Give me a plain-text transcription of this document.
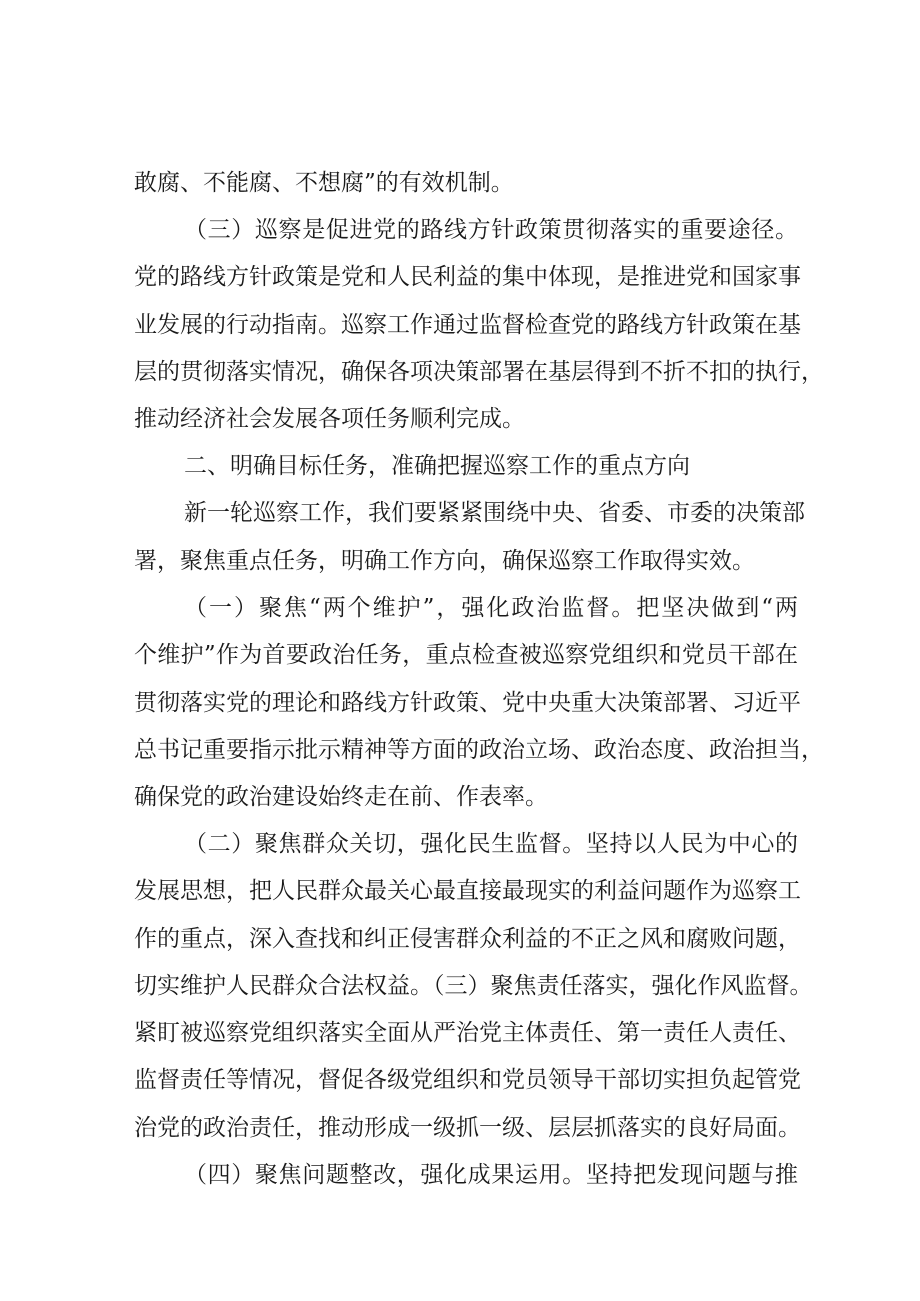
敢腐、不能腐、不想腐”的有效机制。
（三）巡察是促进党的路线方针政策贯彻落实的重要途径。
党的路线方针政策是党和人民利益的集中体现，是推进党和国家事
业发展的行动指南。巡察工作通过监督检查党的路线方针政策在基
层的贯彻落实情况，确保各项决策部署在基层得到不折不扣的执行，
推动经济社会发展各项任务顺利完成。
二、明确目标任务，准确把握巡察工作的重点方向
新一轮巡察工作，我们要紧紧围绕中央、省委、市委的决策部
署，聚焦重点任务，明确工作方向，确保巡察工作取得实效。
（一）聚焦“两个维护”，强化政治监督。把坚决做到“两
个维护”作为首要政治任务，重点检查被巡察党组织和党员干部在
贯彻落实党的理论和路线方针政策、党中央重大决策部署、习近平
总书记重要指示批示精神等方面的政治立场、政治态度、政治担当，
确保党的政治建设始终走在前、作表率。
（二）聚焦群众关切，强化民生监督。坚持以人民为中心的
发展思想，把人民群众最关心最直接最现实的利益问题作为巡察工
作的重点，深入查找和纠正侵害群众利益的不正之风和腐败问题，
切实维护人民群众合法权益。（三）聚焦责任落实，强化作风监督。
紧盯被巡察党组织落实全面从严治党主体责任、第一责任人责任、
监督责任等情况，督促各级党组织和党员领导干部切实担负起管党
治党的政治责任，推动形成一级抓一级、层层抓落实的良好局面。
（四）聚焦问题整改，强化成果运用。坚持把发现问题与推
